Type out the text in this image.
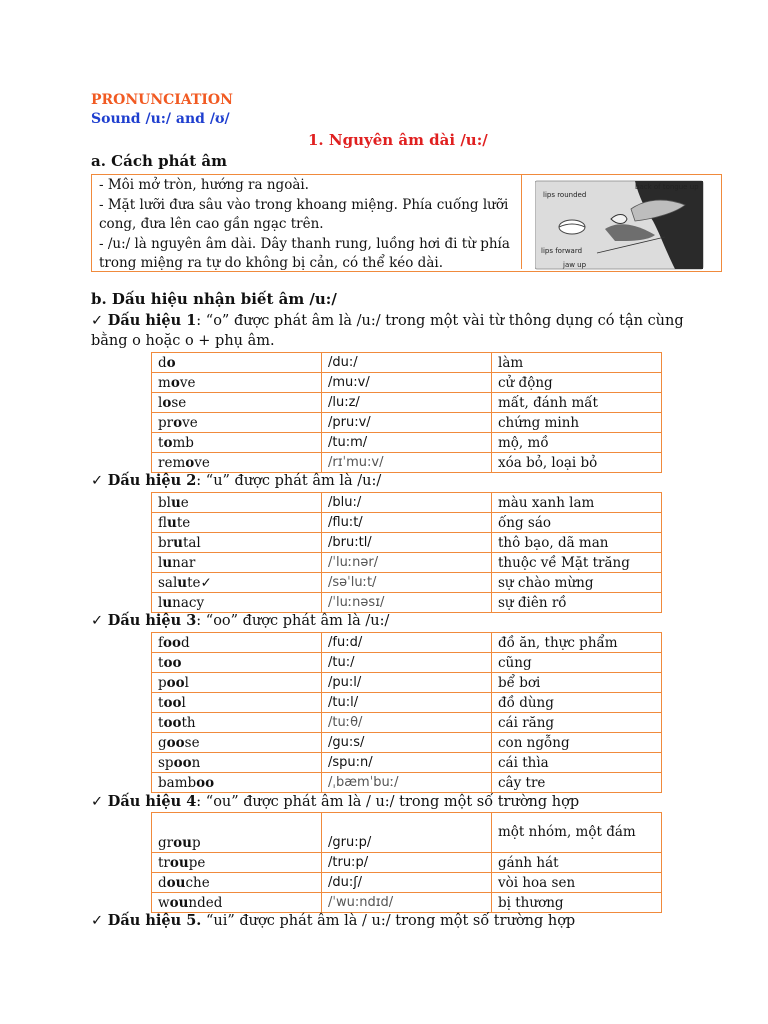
PRONUNCIATION
Sound /u:/ and /ʊ/
1. Nguyên âm dài /u:/
a. Cách phát âm
- Môi mở tròn, hướng ra ngoài.
- Mặt lưỡi đưa sâu vào trong khoang miệng. Phía cuống lưỡi cong, đưa lên cao gần ngạc trên.
- /u:/ là nguyên âm dài. Dây thanh rung, luồng hơi đi từ phía trong miệng ra tự do không bị cản, có thể kéo dài.
lips rounded
back of tongue up
lips forward
jaw up
b. Dấu hiệu nhận biết âm /u:/
✓ Dấu hiệu 1: “o” được phát âm là /u:/ trong một vài từ thông dụng có tận cùng bằng o hoặc o + phụ âm.
do	/du:/	làm
move	/mu:v/	cử động
lose	/lu:z/	mất, đánh mất
prove	/pru:v/	chứng minh
tomb	/tu:m/	mộ, mồ
remove	/rɪˈmu:v/	xóa bỏ, loại bỏ
✓ Dấu hiệu 2: “u” được phát âm là /u:/
blue	/blu:/	màu xanh lam
flute	/flu:t/	ống sáo
brutal	/bru:tl/	thô bạo, dã man
lunar	/ˈluːnər/	thuộc về Mặt trăng
salute✓	/səˈluːt/	sự chào mừng
lunacy	/ˈluːnəsɪ/	sự điên rồ
✓ Dấu hiệu 3: “oo” được phát âm là /u:/
food	/fu:d/	đồ ăn, thực phẩm
too	/tu:/	cũng
pool	/pu:l/	bể bơi
tool	/tu:l/	đồ dùng
tooth	/tuːθ/	cái răng
goose	/gu:s/	con ngỗng
spoon	/spu:n/	cái thìa
bamboo	/ˌbæmˈbuː/	cây tre
✓ Dấu hiệu 4: “ou” được phát âm là / u:/ trong một số trường hợp
group	/gru:p/	một nhóm, một đám
troupe	/tru:p/	gánh hát
douche	/du:ʃ/	vòi hoa sen
wounded	/ˈwu:ndɪd/	bị thương
✓ Dấu hiệu 5. “ui” được phát âm là / u:/ trong một số trường hợp
